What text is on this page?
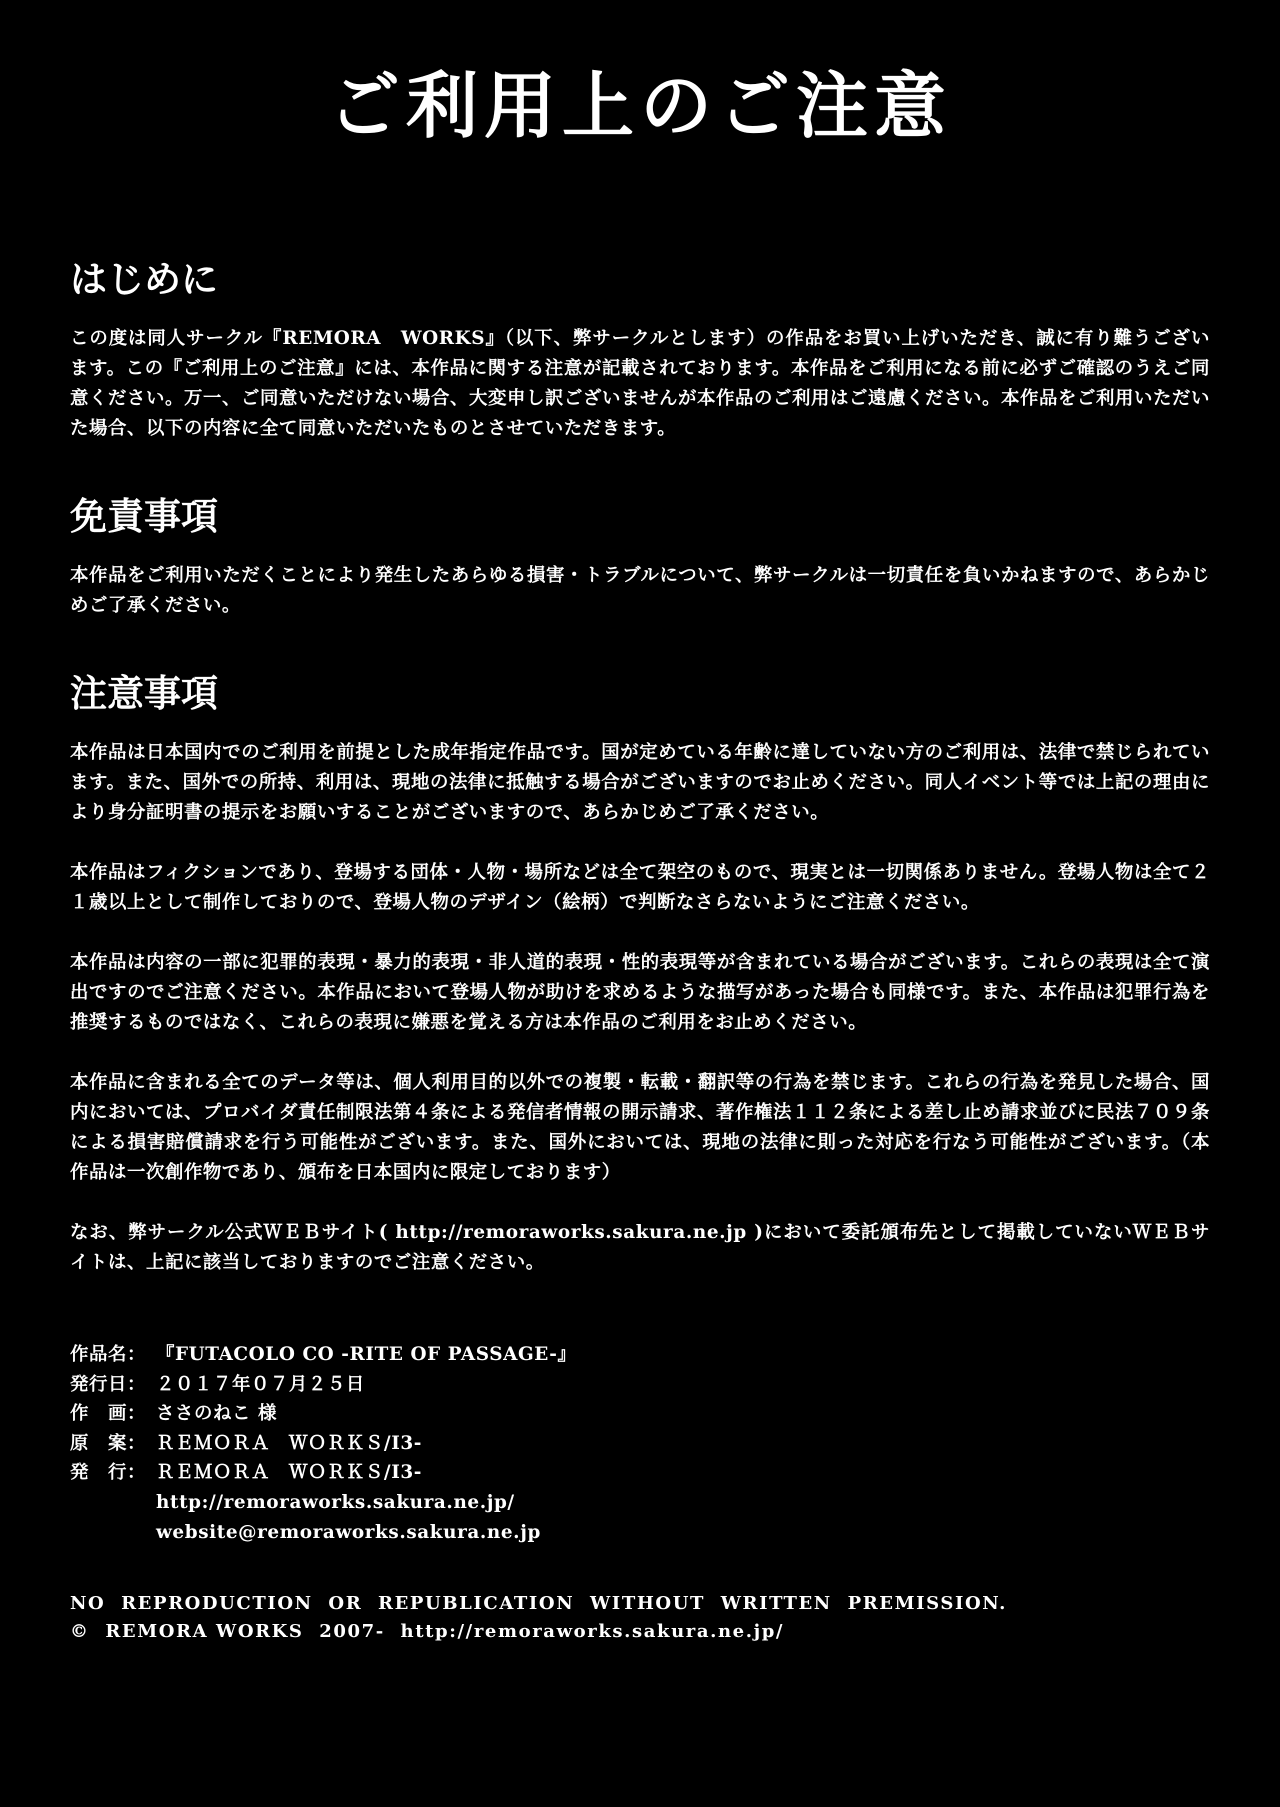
ご利用上のご注意
はじめに

この度は同人サークル『REMORA　WORKS』（以下、弊サークルとします）の作品をお買い上げいただき、誠に有り難うございます。この『ご利用上のご注意』には、本作品に関する注意が記載されております。本作品をご利用になる前に必ずご確認のうえご同意ください。万一、ご同意いただけない場合、大変申し訳ございませんが本作品のご利用はご遠慮ください。本作品をご利用いただいた場合、以下の内容に全て同意いただいたものとさせていただきます。

免責事項

本作品をご利用いただくことにより発生したあらゆる損害・トラブルについて、弊サークルは一切責任を負いかねますので、あらかじめご了承ください。

注意事項

本作品は日本国内でのご利用を前提とした成年指定作品です。国が定めている年齢に達していない方のご利用は、法律で禁じられています。また、国外での所持、利用は、現地の法律に抵触する場合がございますのでお止めください。同人イベント等では上記の理由により身分証明書の提示をお願いすることがございますので、あらかじめご了承ください。

本作品はフィクションであり、登場する団体・人物・場所などは全て架空のもので、現実とは一切関係ありません。登場人物は全て２１歳以上として制作しておりので、登場人物のデザイン（絵柄）で判断なさらないようにご注意ください。

本作品は内容の一部に犯罪的表現・暴力的表現・非人道的表現・性的表現等が含まれている場合がございます。これらの表現は全て演出ですのでご注意ください。本作品において登場人物が助けを求めるような描写があった場合も同様です。また、本作品は犯罪行為を推奨するものではなく、これらの表現に嫌悪を覚える方は本作品のご利用をお止めください。

本作品に含まれる全てのデータ等は、個人利用目的以外での複製・転載・翻訳等の行為を禁じます。これらの行為を発見した場合、国内においては、プロバイダ責任制限法第４条による発信者情報の開示請求、著作権法１１２条による差し止め請求並びに民法７０９条による損害賠償請求を行う可能性がございます。また、国外においては、現地の法律に則った対応を行なう可能性がございます。（本作品は一次創作物であり、頒布を日本国内に限定しております）

なお、弊サークル公式ＷＥＢサイト( http://remoraworks.sakura.ne.jp )において委託頒布先として掲載していないＷＥＢサイトは、上記に該当しておりますのでご注意ください。

作品名： 『FUTACOLO CO -RITE OF PASSAGE-』
発行日： ２０１７年０７月２５日
作　画： ささのねこ 様
原　案： ＲＥＭＯＲＡ　ＷＯＲＫＳ/I3-
発　行： ＲＥＭＯＲＡ　ＷＯＲＫＳ/I3-
http://remoraworks.sakura.ne.jp/
website@remoraworks.sakura.ne.jp
NO  REPRODUCTION  OR  REPUBLICATION  WITHOUT  WRITTEN  PREMISSION.
©  REMORA WORKS  2007-  http://remoraworks.sakura.ne.jp/
